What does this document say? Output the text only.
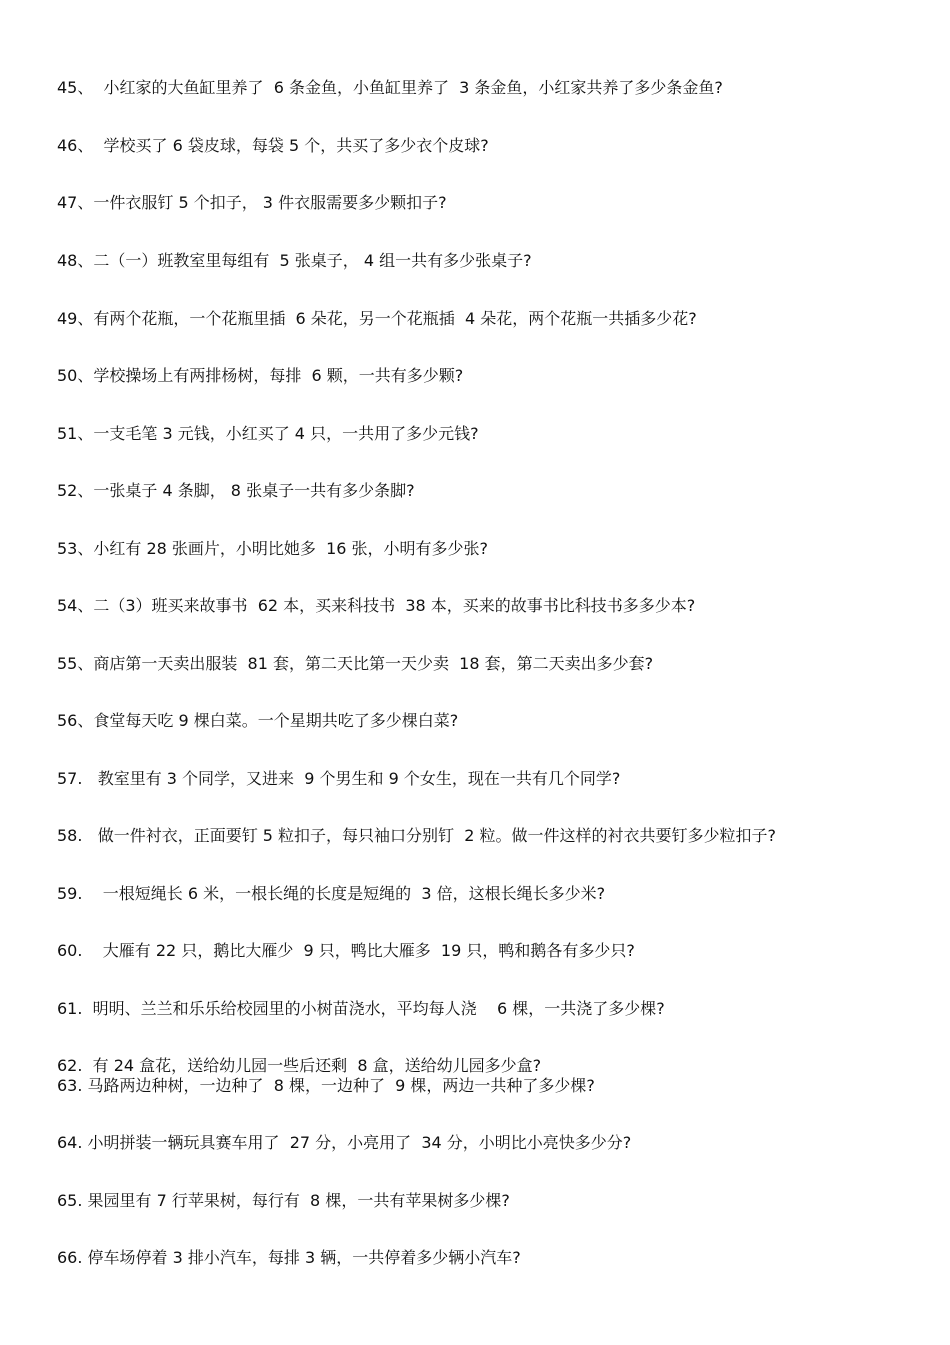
45、  小红家的大鱼缸里养了  6 条金鱼，小鱼缸里养了  3 条金鱼，小红家共养了多少条金鱼?
46、  学校买了 6 袋皮球，每袋 5 个，共买了多少衣个皮球?
47、一件衣服钉 5 个扣子， 3 件衣服需要多少颗扣子?
48、二（一）班教室里每组有  5 张桌子， 4 组一共有多少张桌子?
49、有两个花瓶，一个花瓶里插  6 朵花，另一个花瓶插  4 朵花，两个花瓶一共插多少花?
50、学校操场上有两排杨树，每排  6 颗，一共有多少颗?
51、一支毛笔 3 元钱，小红买了 4 只，一共用了多少元钱?
52、一张桌子 4 条脚， 8 张桌子一共有多少条脚?
53、小红有 28 张画片，小明比她多  16 张，小明有多少张?
54、二（3）班买来故事书  62 本，买来科技书  38 本，买来的故事书比科技书多多少本?
55、商店第一天卖出服装  81 套，第二天比第一天少卖  18 套，第二天卖出多少套?
56、食堂每天吃 9 棵白菜。一个星期共吃了多少棵白菜?
57.   教室里有 3 个同学，又进来  9 个男生和 9 个女生，现在一共有几个同学?
58.   做一件衬衣，正面要钉 5 粒扣子，每只袖口分别钉  2 粒。做一件这样的衬衣共要钉多少粒扣子?
59.    一根短绳长 6 米，一根长绳的长度是短绳的  3 倍，这根长绳长多少米?
60.    大雁有 22 只，鹅比大雁少  9 只，鸭比大雁多  19 只，鸭和鹅各有多少只?
61.  明明、兰兰和乐乐给校园里的小树苗浇水，平均每人浇    6 棵，一共浇了多少棵?
62.  有 24 盒花，送给幼儿园一些后还剩  8 盒，送给幼儿园多少盒?
63. 马路两边种树，一边种了  8 棵，一边种了  9 棵，两边一共种了多少棵?
64. 小明拼装一辆玩具赛车用了  27 分，小亮用了  34 分，小明比小亮快多少分?
65. 果园里有 7 行苹果树，每行有  8 棵，一共有苹果树多少棵?
66. 停车场停着 3 排小汽车，每排 3 辆，一共停着多少辆小汽车?
